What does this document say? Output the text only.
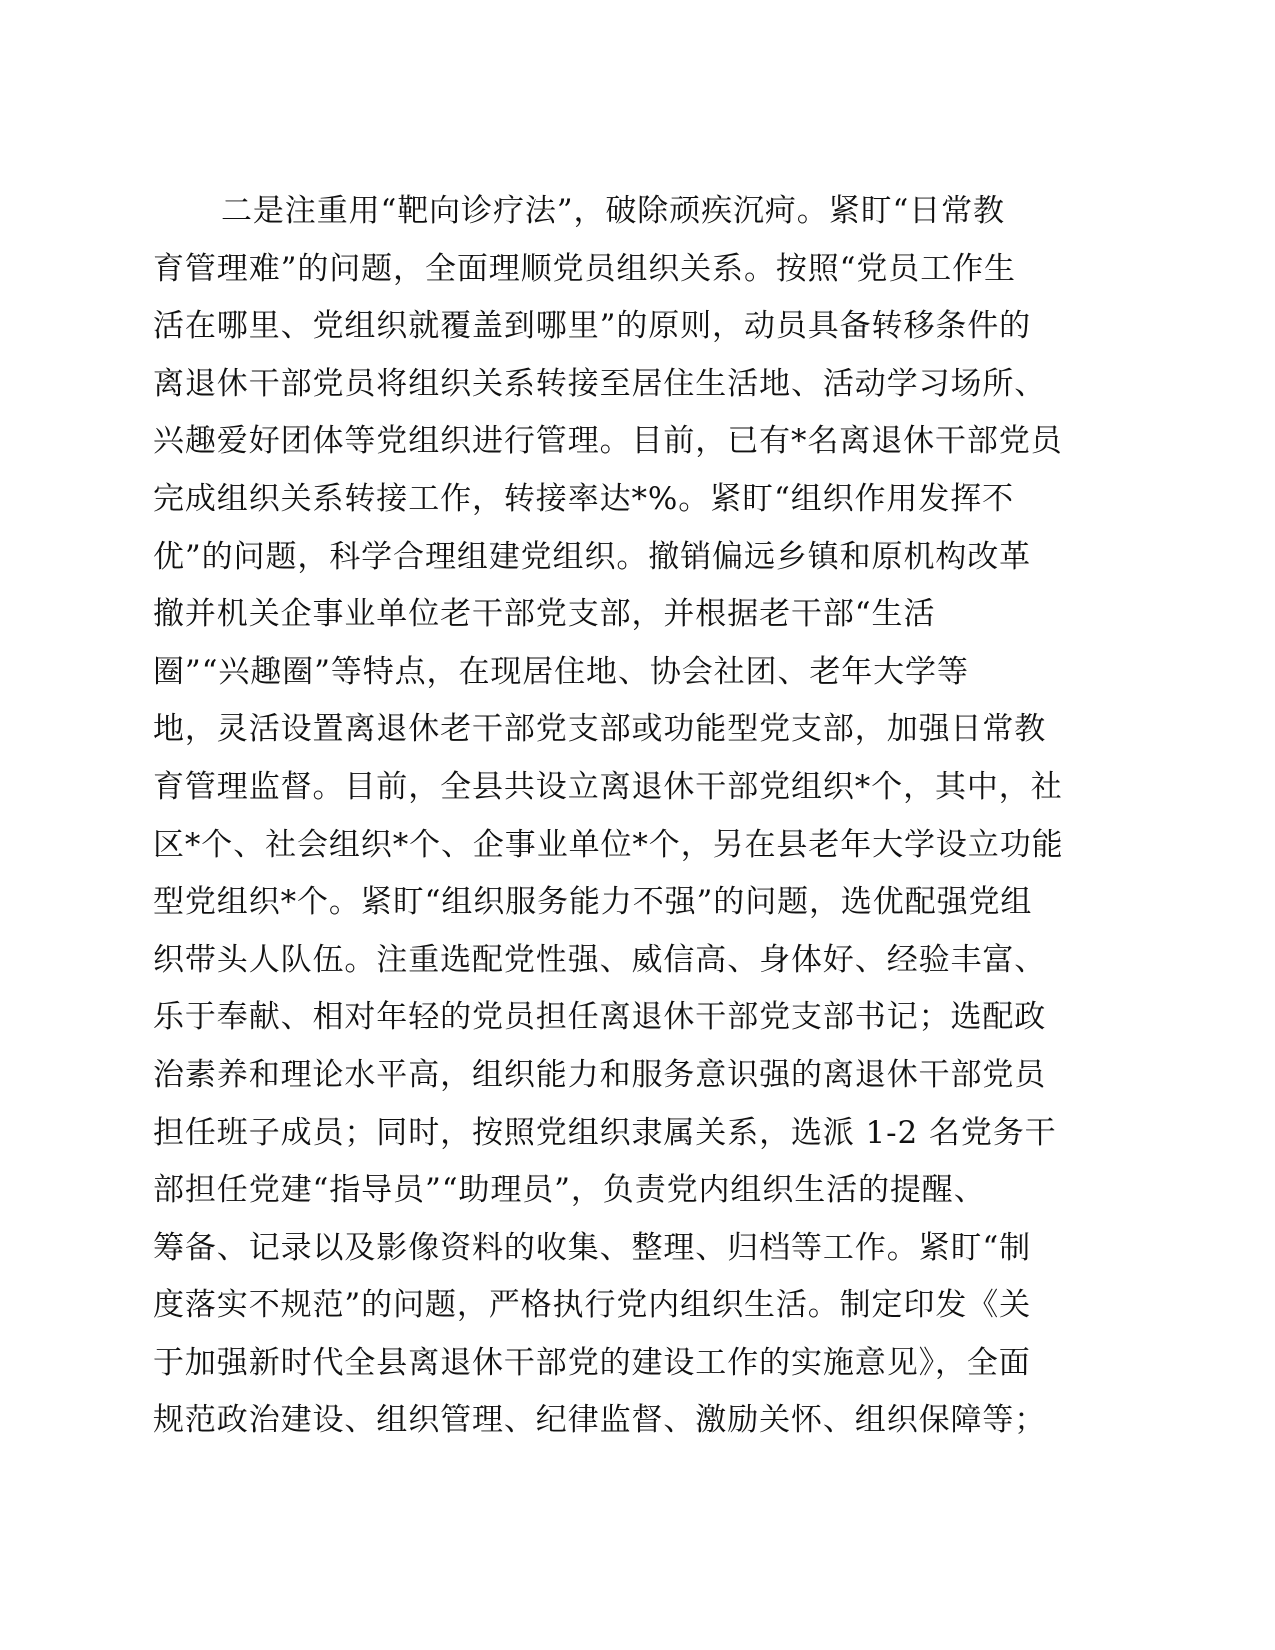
二是注重用“靶向诊疗法”，破除顽疾沉疴。紧盯“日常教
育管理难”的问题，全面理顺党员组织关系。按照“党员工作生
活在哪里、党组织就覆盖到哪里”的原则，动员具备转移条件的
离退休干部党员将组织关系转接至居住生活地、活动学习场所、
兴趣爱好团体等党组织进行管理。目前，已有*名离退休干部党员
完成组织关系转接工作，转接率达*%。紧盯“组织作用发挥不
优”的问题，科学合理组建党组织。撤销偏远乡镇和原机构改革
撤并机关企事业单位老干部党支部，并根据老干部“生活
圈”“兴趣圈”等特点，在现居住地、协会社团、老年大学等
地，灵活设置离退休老干部党支部或功能型党支部，加强日常教
育管理监督。目前，全县共设立离退休干部党组织*个，其中，社
区*个、社会组织*个、企事业单位*个，另在县老年大学设立功能
型党组织*个。紧盯“组织服务能力不强”的问题，选优配强党组
织带头人队伍。注重选配党性强、威信高、身体好、经验丰富、
乐于奉献、相对年轻的党员担任离退休干部党支部书记；选配政
治素养和理论水平高，组织能力和服务意识强的离退休干部党员
担任班子成员；同时，按照党组织隶属关系，选派 1-2 名党务干
部担任党建“指导员”“助理员”，负责党内组织生活的提醒、
筹备、记录以及影像资料的收集、整理、归档等工作。紧盯“制
度落实不规范”的问题，严格执行党内组织生活。制定印发《关
于加强新时代全县离退休干部党的建设工作的实施意见》，全面
规范政治建设、组织管理、纪律监督、激励关怀、组织保障等；
